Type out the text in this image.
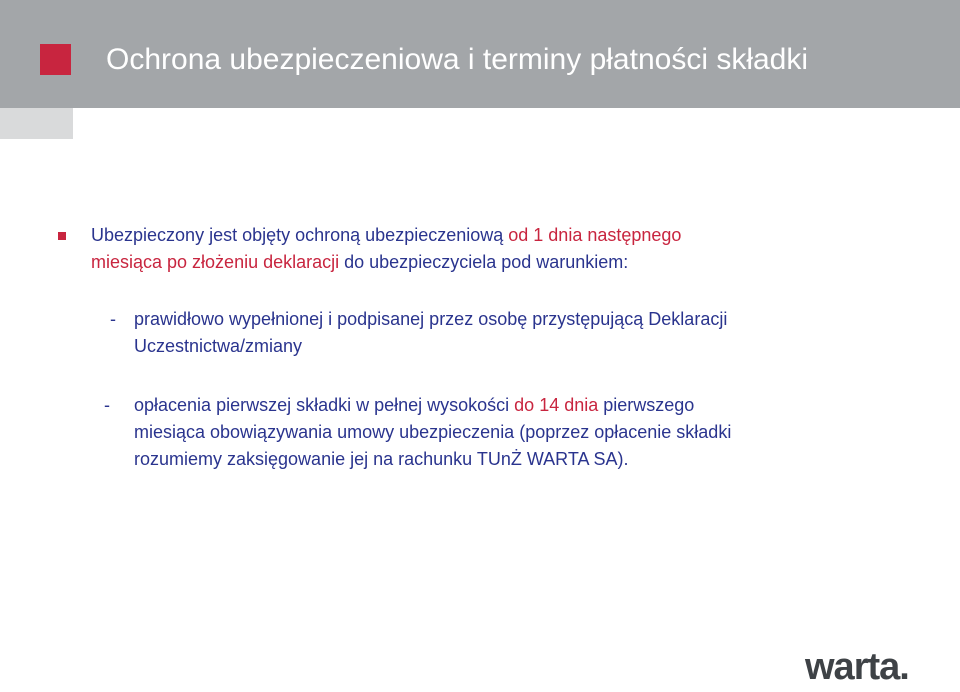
Ochrona ubezpieczeniowa i terminy płatności składki
Ubezpieczony jest objęty ochroną ubezpieczeniową od 1 dnia następnego
miesiąca po złożeniu deklaracji do ubezpieczyciela pod warunkiem:
- prawidłowo wypełnionej i podpisanej przez osobę przystępującą Deklaracji
Uczestnictwa/zmiany
- opłacenia pierwszej składki w pełnej wysokości do 14 dnia pierwszego
miesiąca obowiązywania umowy ubezpieczenia (poprzez opłacenie składki
rozumiemy zaksięgowanie jej na rachunku TUnŻ WARTA SA).
warta.
